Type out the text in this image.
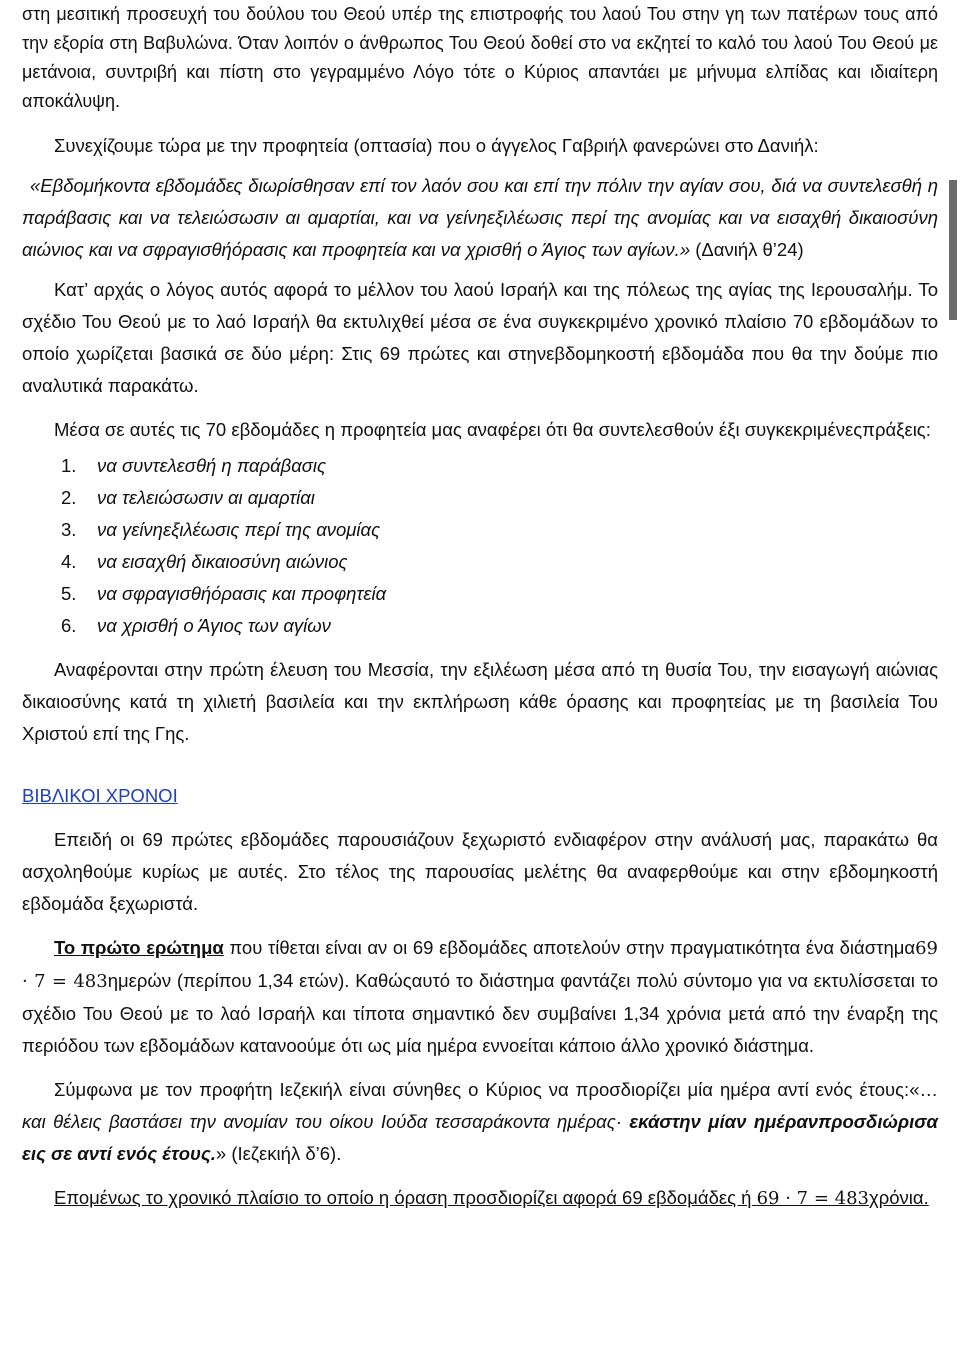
στη μεσιτική προσευχή του δούλου του Θεού υπέρ της επιστροφής του λαού Του στην γη των πατέρων τους από την εξορία στη Βαβυλώνα. Όταν λοιπόν ο άνθρωπος Του Θεού δοθεί στο να εκζητεί το καλό του λαού Του Θεού με μετάνοια, συντριβή και πίστη στο γεγραμμένο Λόγο τότε ο Κύριος απαντάει με μήνυμα ελπίδας και ιδιαίτερη αποκάλυψη.

Συνεχίζουμε τώρα με την προφητεία (οπτασία) που ο άγγελος Γαβριήλ φανερώνει στο Δανιήλ:

«Εβδομήκοντα εβδομάδες διωρίσθησαν επί τον λαόν σου και επί την πόλιν την αγίαν σου, διά να συντελεσθή η παράβασις και να τελειώσωσιν αι αμαρτίαι, και να γείνηεξιλέωσις περί της ανομίας και να εισαχθή δικαιοσύνη αιώνιος και να σφραγισθήόρασις και προφητεία και να χρισθή ο Άγιος των αγίων.» (Δανιήλ θ’24)

Κατ’ αρχάς ο λόγος αυτός αφορά το μέλλον του λαού Ισραήλ και της πόλεως της αγίας της Ιερουσαλήμ. Το σχέδιο Του Θεού με το λαό Ισραήλ θα εκτυλιχθεί μέσα σε ένα συγκεκριμένο χρονικό πλαίσιο 70 εβδομάδων το οποίο χωρίζεται βασικά σε δύο μέρη: Στις 69 πρώτες και στηνεβδομηκοστή εβδομάδα που θα την δούμε πιο αναλυτικά παρακάτω.

Μέσα σε αυτές τις 70 εβδομάδες η προφητεία μας αναφέρει ότι θα συντελεσθούν έξι συγκεκριμένεςπράξεις:

1. να συντελεσθή η παράβασις
2. να τελειώσωσιν αι αμαρτίαι
3. να γείνηεξιλέωσις περί της ανομίας
4. να εισαχθή δικαιοσύνη αιώνιος
5. να σφραγισθήόρασις και προφητεία
6. να χρισθή ο Άγιος των αγίων

Αναφέρονται στην πρώτη έλευση του Μεσσία, την εξιλέωση μέσα από τη θυσία Του, την εισαγωγή αιώνιας δικαιοσύνης κατά τη χιλιετή βασιλεία και την εκπλήρωση κάθε όρασης και προφητείας με τη βασιλεία Του Χριστού επί της Γης.

ΒΙΒΛΙΚΟΙ ΧΡΟΝΟΙ

Επειδή οι 69 πρώτες εβδομάδες παρουσιάζουν ξεχωριστό ενδιαφέρον στην ανάλυσή μας, παρακάτω θα ασχοληθούμε κυρίως με αυτές. Στο τέλος της παρουσίας μελέτης θα αναφερθούμε και στην εβδομηκοστή εβδομάδα ξεχωριστά.

Το πρώτο ερώτημα που τίθεται είναι αν οι 69 εβδομάδες αποτελούν στην πραγματικότητα ένα διάστημα69 · 7 = 483ημερών (περίπου 1,34 ετών). Καθώςαυτό το διάστημα φαντάζει πολύ σύντομο για να εκτυλίσσεται το σχέδιο Του Θεού με το λαό Ισραήλ και τίποτα σημαντικό δεν συμβαίνει 1,34 χρόνια μετά από την έναρξη της περιόδου των εβδομάδων κατανοούμε ότι ως μία ημέρα εννοείται κάποιο άλλο χρονικό διάστημα.

Σύμφωνα με τον προφήτη Ιεζεκιήλ είναι σύνηθες ο Κύριος να προσδιορίζει μία ημέρα αντί ενός έτους:«… και θέλεις βαστάσει την ανομίαν του οίκου Ιούδα τεσσαράκοντα ημέρας· εκάστην μίαν ημέρανπροσδιώρισα εις σε αντί ενός έτους.» (Ιεζεκιήλ δ’6).

Επομένως το χρονικό πλαίσιο το οποίο η όραση προσδιορίζει αφορά 69 εβδομάδες ή 69 · 7 = 483χρόνια.
